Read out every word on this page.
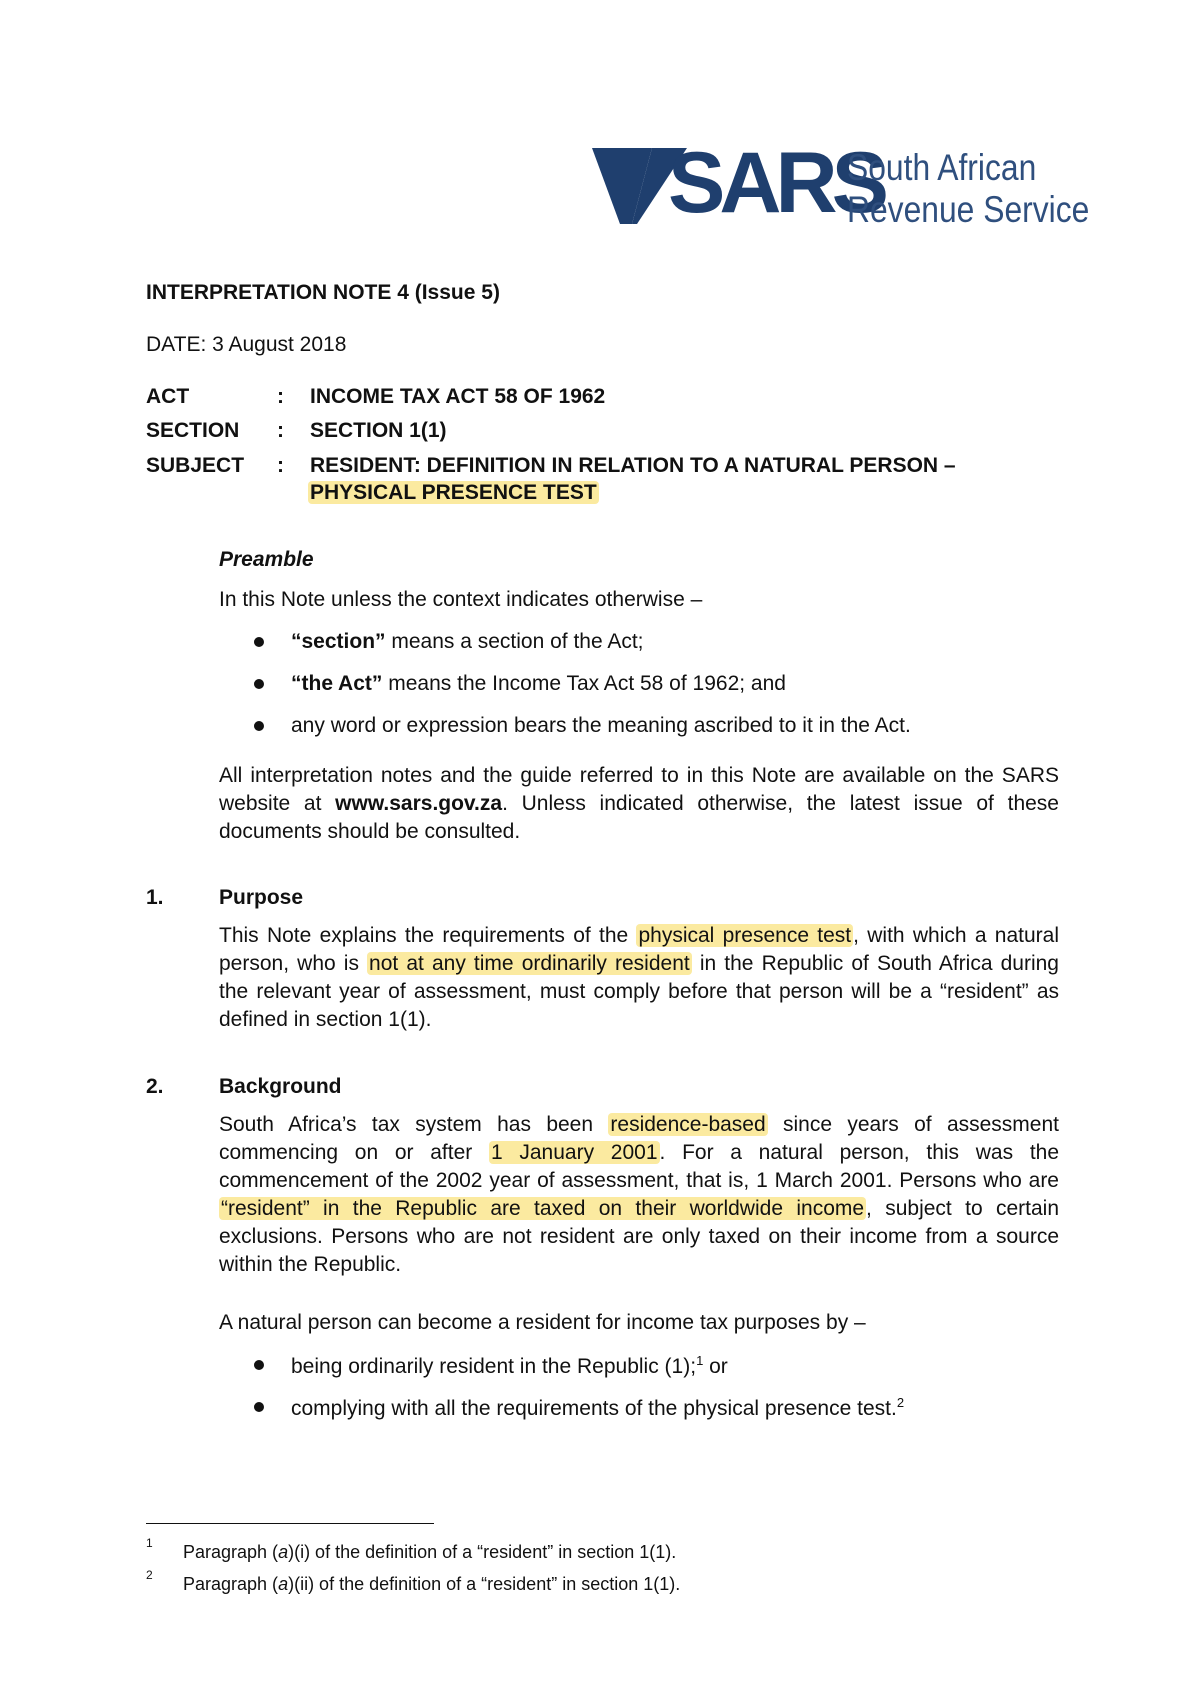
SARS
South African
Revenue Service
INTERPRETATION NOTE 4 (Issue 5)
DATE: 3 August 2018
ACT	: INCOME TAX ACT 58 OF 1962
SECTION : SECTION 1(1)
SUBJECT : RESIDENT: DEFINITION IN RELATION TO A NATURAL PERSON –
PHYSICAL PRESENCE TEST
Preamble
In this Note unless the context indicates otherwise –
“section” means a section of the Act;
“the Act” means the Income Tax Act 58 of 1962; and
any word or expression bears the meaning ascribed to it in the Act.
All interpretation notes and the guide referred to in this Note are available on the SARS website at www.sars.gov.za. Unless indicated otherwise, the latest issue of these documents should be consulted.
1.	Purpose
This Note explains the requirements of the physical presence test, with which a natural person, who is not at any time ordinarily resident in the Republic of South Africa during the relevant year of assessment, must comply before that person will be a “resident” as defined in section 1(1).
2.	Background
South Africa’s tax system has been residence-based since years of assessment commencing on or after 1 January 2001. For a natural person, this was the commencement of the 2002 year of assessment, that is, 1 March 2001. Persons who are “resident” in the Republic are taxed on their worldwide income, subject to certain exclusions. Persons who are not resident are only taxed on their income from a source within the Republic.
A natural person can become a resident for income tax purposes by –
being ordinarily resident in the Republic (1);$^1$ or
complying with all the requirements of the physical presence test.$^2$
1 Paragraph (a)(i) of the definition of a “resident” in section 1(1).
2 Paragraph (a)(ii) of the definition of a “resident” in section 1(1).
